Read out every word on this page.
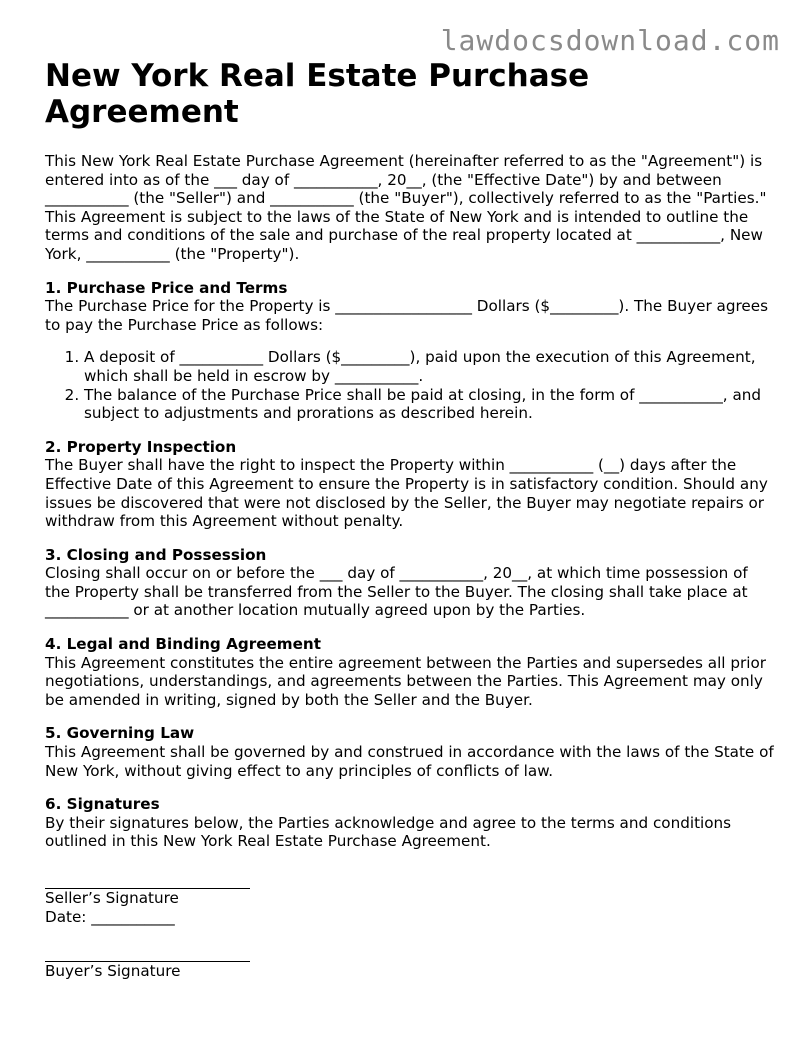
lawdocsdownload.com
New York Real Estate Purchase Agreement

This New York Real Estate Purchase Agreement (hereinafter referred to as the "Agreement") is entered into as of the ___ day of ___________, 20__, (the "Effective Date") by and between ___________ (the "Seller") and ___________ (the "Buyer"), collectively referred to as the "Parties." This Agreement is subject to the laws of the State of New York and is intended to outline the terms and conditions of the sale and purchase of the real property located at ___________, New York, ___________ (the "Property").

1. Purchase Price and Terms

The Purchase Price for the Property is __________________ Dollars ($_________). The Buyer agrees to pay the Purchase Price as follows:

1. A deposit of ___________ Dollars ($_________), paid upon the execution of this Agreement, which shall be held in escrow by ___________.
2. The balance of the Purchase Price shall be paid at closing, in the form of ___________, and subject to adjustments and prorations as described herein.

2. Property Inspection

The Buyer shall have the right to inspect the Property within ___________ (__) days after the Effective Date of this Agreement to ensure the Property is in satisfactory condition. Should any issues be discovered that were not disclosed by the Seller, the Buyer may negotiate repairs or withdraw from this Agreement without penalty.

3. Closing and Possession

Closing shall occur on or before the ___ day of ___________, 20__, at which time possession of the Property shall be transferred from the Seller to the Buyer. The closing shall take place at ___________ or at another location mutually agreed upon by the Parties.

4. Legal and Binding Agreement

This Agreement constitutes the entire agreement between the Parties and supersedes all prior negotiations, understandings, and agreements between the Parties. This Agreement may only be amended in writing, signed by both the Seller and the Buyer.

5. Governing Law

This Agreement shall be governed by and construed in accordance with the laws of the State of New York, without giving effect to any principles of conflicts of law.

6. Signatures

By their signatures below, the Parties acknowledge and agree to the terms and conditions outlined in this New York Real Estate Purchase Agreement.

Seller’s Signature
Date: ___________
Buyer’s Signature
